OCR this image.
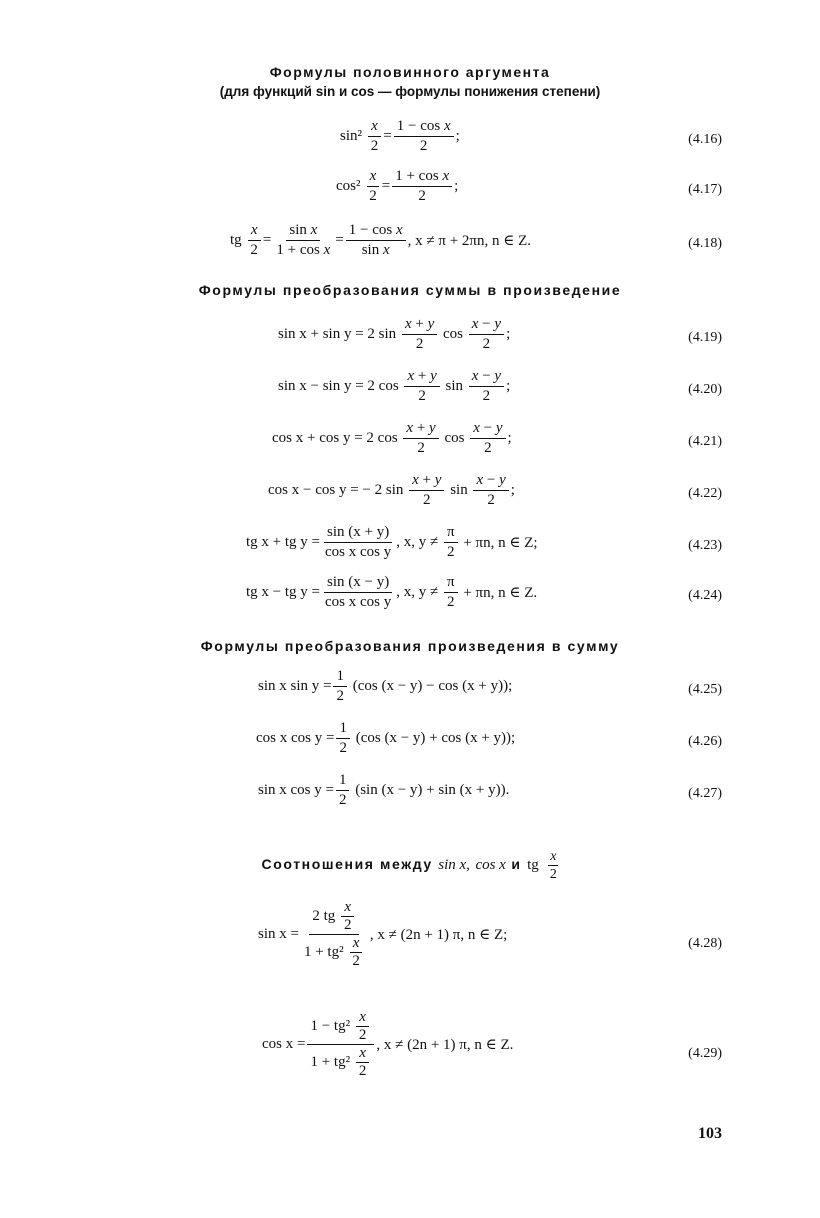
Формулы половинного аргумента
(для функций sin и cos — формулы понижения степени)
sin²
x
2
=
1 − cos x
2
;	(4.16)
cos²
x
2
=
1 + cos x
2
;	(4.17)
tg
x
2
=
sin x
1 + cos x
=
1 − cos x
sin x
, x ≠ π + 2πn, n ∈ Z.	(4.18)
Формулы преобразования суммы в произведение
sin x + sin y = 2 sin

x + y
2

cos

x − y
2
;	(4.19)
sin x − sin y = 2 cos

x + y
2

sin

x − y
2
;	(4.20)
cos x + cos y = 2 cos

x + y
2

cos

x − y
2
;	(4.21)
cos x − cos y = − 2 sin

x + y
2

sin

x − y
2
;	(4.22)
tg x + tg $y = \frac{\sin (x + y)}{\text{cos x cos y}}$ , x, y ≠

π
2

+ πn, n ∈ Z;	(4.23)
tg x − tg $y = \frac{\sin (x - y)}{\text{cos x cos y}}$ , x, y ≠

π
2

+ πn, n ∈ Z.	(4.24)
Формулы преобразования произведения в сумму
sin x $\sin y = \frac{1}{2}$
(cos (x − y) − cos (x + y));	(4.25)
cos x $\cos y = \frac{1}{2}$
(cos (x − y) + cos (x + y));	(4.26)
sin x $\cos y = \frac{1}{2}$
(sin (x − y) + sin (x + y)).	(4.27)
Соотношения между sin x, cos x и tg $\frac{x}{2}$
$\sin x = \frac{2 tg \frac{x}{2}}{1 + tg^2 \frac{x}{2}}$ , x ≠ (2n + 1) π, n ∈ Z;
(4.28)
$\cos x = \frac{1 - tg^2 \frac{x}{2}}{1 + tg^2 \frac{x}{2}}$ , x ≠ (2n + 1) π, n ∈ Z.
(4.29)
103
